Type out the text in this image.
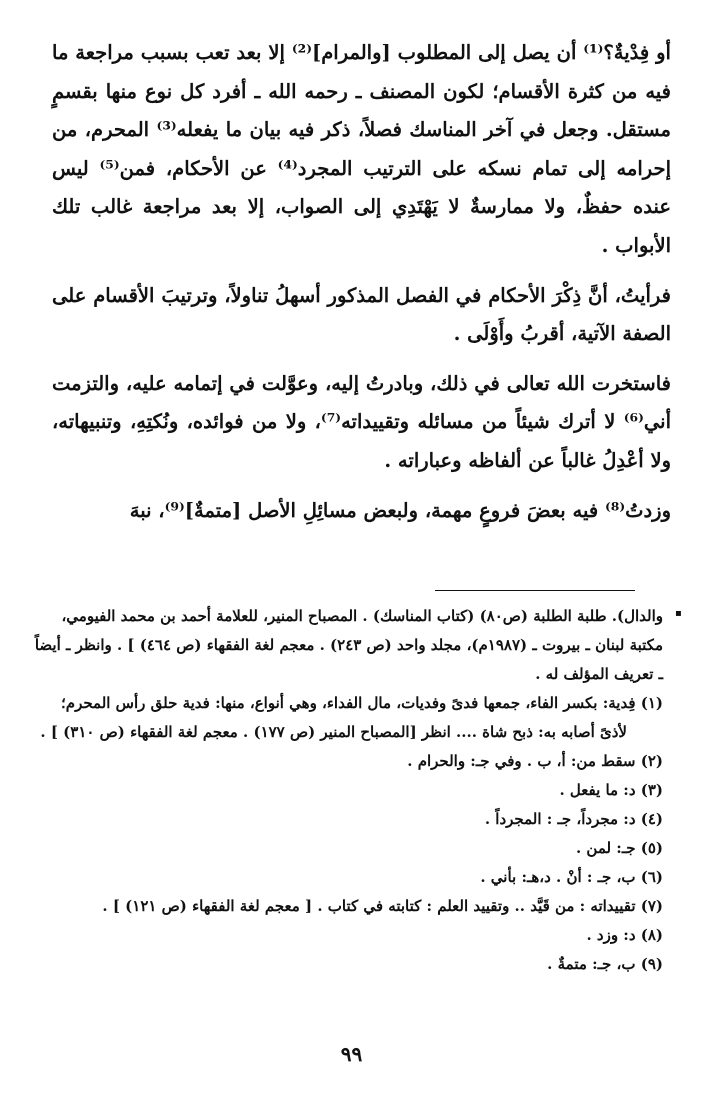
أو فِدْيةٌ؟⁽¹⁾ أن يصل إلى المطلوب [والمرام]⁽²⁾ إلا بعد تعب بسبب مراجعة ما فيه من كثرة الأقسام؛ لكون المصنف ـ رحمه الله ـ أفرد كل نوع منها بقسمٍ مستقل. وجعل في آخر المناسك فصلاً، ذكر فيه بيان ما يفعله⁽³⁾ المحرم، من إحرامه إلى تمام نسكه على الترتيب المجرد⁽⁴⁾ عن الأحكام، فمن⁽⁵⁾ ليس عنده حفظٌ، ولا ممارسةٌ لا يَهْتَدِي إلى الصواب، إلا بعد مراجعة غالب تلك الأبواب .

فرأيتُ، أنَّ ذِكْرَ الأحكام في الفصل المذكور أسهلُ تناولاً، وترتيبَ الأقسام على الصفة الآتية، أقربُ وأَوْلَى .

فاستخرت الله تعالى في ذلك، وبادرتُ إليه، وعوَّلت في إتمامه عليه، والتزمت أني⁽⁶⁾ لا أترك شيئاً من مسائله وتقييداته⁽⁷⁾، ولا من فوائده، ونُكتِهِ، وتنبيهاته، ولا أعْدِلُ غالباً عن ألفاظه وعباراته .

وزدتُ⁽⁸⁾ فيه بعضَ فروعٍ مهمة، ولبعض مسائِلِ الأصل [متمةٌ]⁽⁹⁾، نبهَ

▪
والدال). طلبة الطلبة (ص٨٠) (كتاب المناسك) . المصباح المنير، للعلامة أحمد بن محمد الفيومي، مكتبة لبنان ـ بيروت ـ (١٩٨٧م)، مجلد واحد (ص ٢٤٣) . معجم لغة الفقهاء (ص ٤٦٤) ] . وانظر ـ أيضاً ـ تعريف المؤلف له .
(١) فِدية: بكسر الفاء، جمعها فدىً وفديات، مال الفداء، وهي أنواع، منها: فدية حلق رأس المحرم؛ لأذىً أصابه به: ذبح شاة .... انظر [المصباح المنير (ص ١٧٧) . معجم لغة الفقهاء (ص ٣١٠) ] .
(٢) سقط من: أ، ب . وفي جـ: والحرام .
(٣) د: ما يفعل .
(٤) د: مجرداً، جـ : المجرداً .
(٥) جـ: لمن .
(٦) ب، جـ : أنْ . د،هـ: بأني .
(٧) تقييداته : من قَيَّد .. وتقييد العلم : كتابته في كتاب . [ معجم لغة الفقهاء (ص ١٢١) ] .
(٨) د: وزد .
(٩) ب، جـ: متمةٌ .
٩٩
